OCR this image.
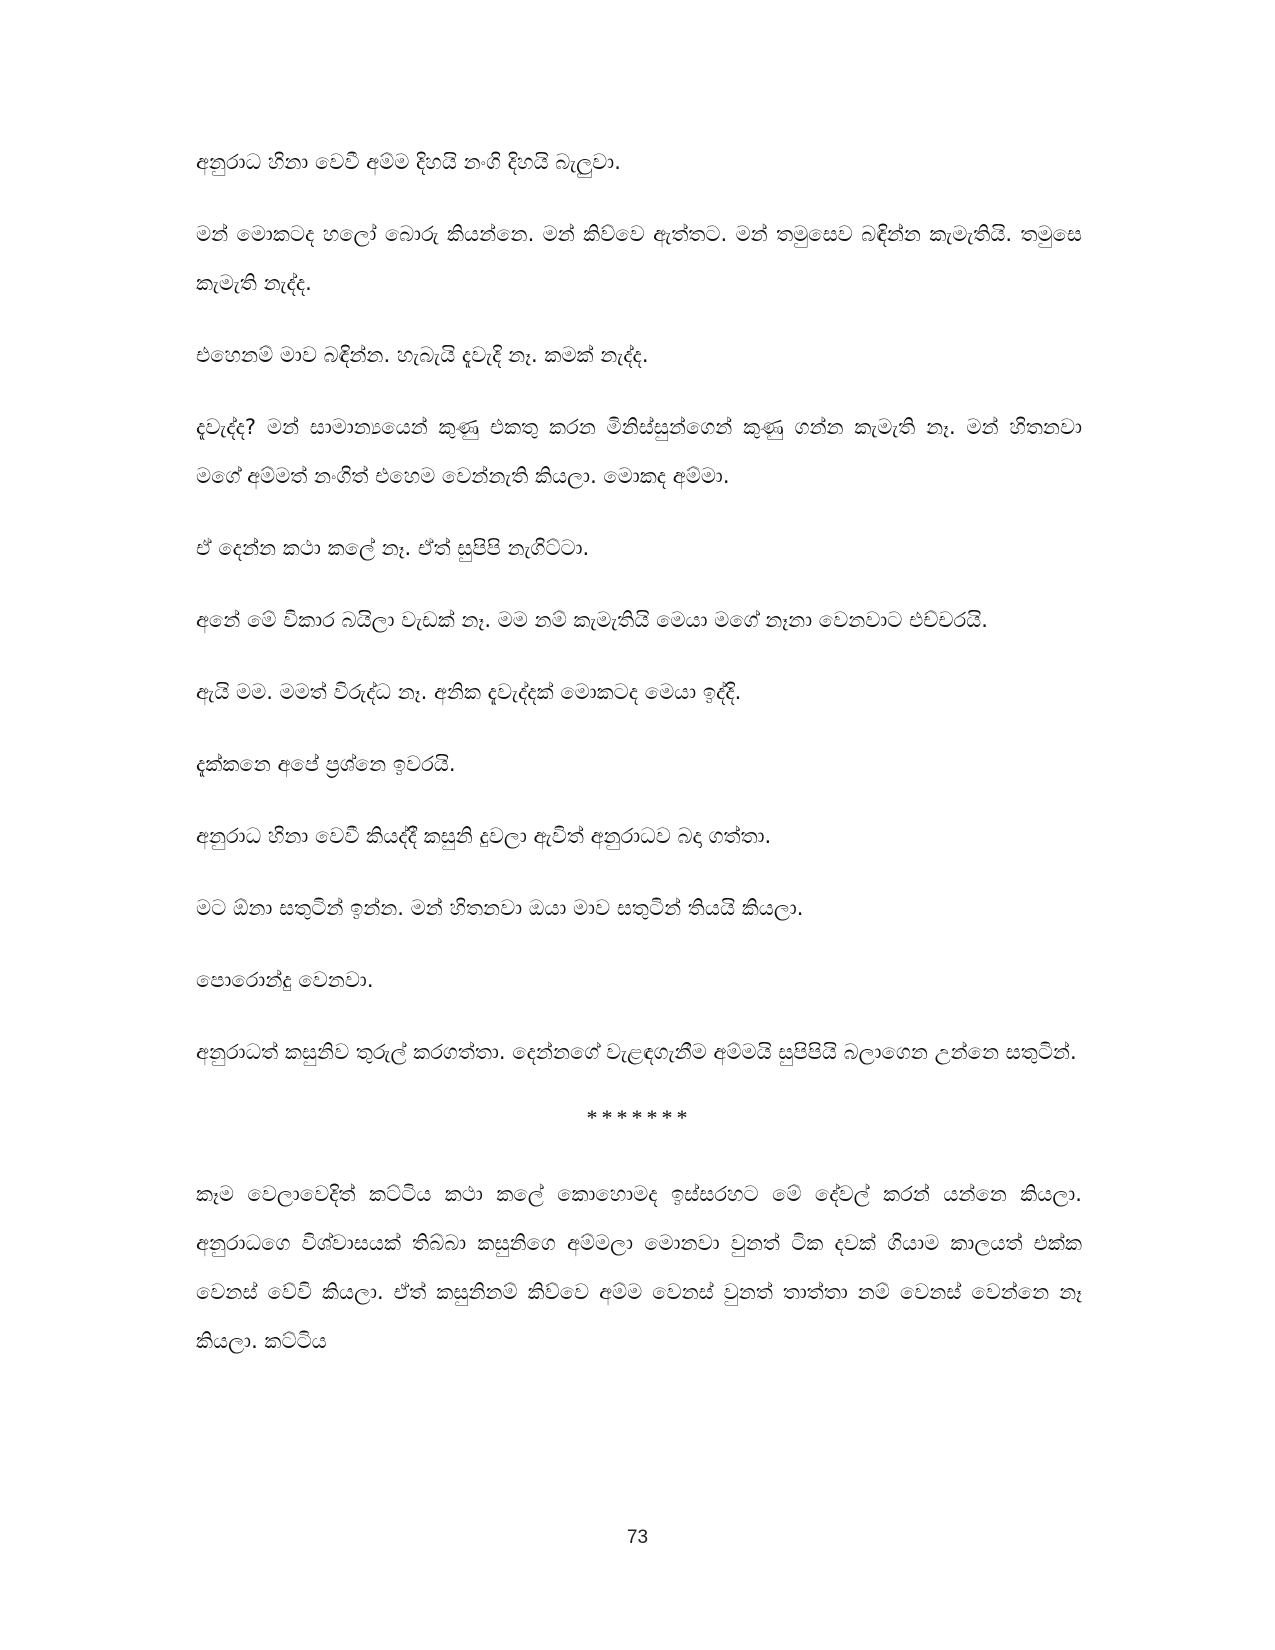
අනුරාධ හිනා වෙවී අම්ම දිහයි නංගි දිහයි බැලුවා.

මන් මොකටද හලෝ බොරු කියන්නෙ. මන් කිව්වෙ ඇත්තට. මන් තමුසෙව බඳින්න කැමැතියි. තමුසෙ කැමැති නැද්ද.

එහෙනම් මාව බඳින්න. හැබැයි දැවැදි නෑ. කමක් නැද්ද.

දැවැද්ද? මන් සාමාන්‍යයෙන් කුණු එකතු කරන මිනිස්සුන්ගෙන් කුණු ගන්න කැමැති නෑ. මන් හිතනවා මගේ අම්මත් නංගිත් එහෙම වෙන්නැති කියලා. මොකද අම්මා.

ඒ දෙන්න කථා කලේ නෑ. ඒත් සුපිපි නැගිට්ටා.

අනේ මේ විකාර බයිලා වැඩක් නෑ. මම නම් කැමැතියි මෙයා මගේ නෑනා වෙනවාට එච්චරයි.

ඇයි මම. මමත් විරුද්ධ නෑ. අනික දැවැද්දක් මොකටද මෙයා ඉද්දි.

දැක්කනෙ අපේ ප්‍රශ්නෙ ඉවරයි.

අනුරාධ හිනා වෙවී කියද්දී කසුනි දුවලා ඇවිත් අනුරාධව බදා ගත්තා.

මට ඕනා සතුටින් ඉන්න. මන් හිතනවා ඔයා මාව සතුටින් තියයි කියලා.

පොරොන්දු වෙනවා.

අනුරාධත් කසුනිව තුරුල් කරගත්තා. දෙන්නගේ වැළඳගැනීම අම්මයි සුපිපියි බලාගෙන උන්නෙ සතුටින්.

*******

කෑම වෙලාවෙදිත් කට්ටිය කථා කලේ කොහොමද ඉස්සරහට මේ දේවල් කරන් යන්නෙ කියලා. අනුරාධගෙ විශ්වාසයක් තිබ්බා කසුනිගෙ අම්මලා මොනවා වුනත් ටික දවක් ගියාම කාලයත් එක්ක වෙනස් වේවි කියලා. ඒත් කසුනිනම් කිව්වෙ අම්ම වෙනස් වුනත් තාත්තා නම් වෙනස් වෙන්නෙ නෑ කියලා. කට්ටිය

73
